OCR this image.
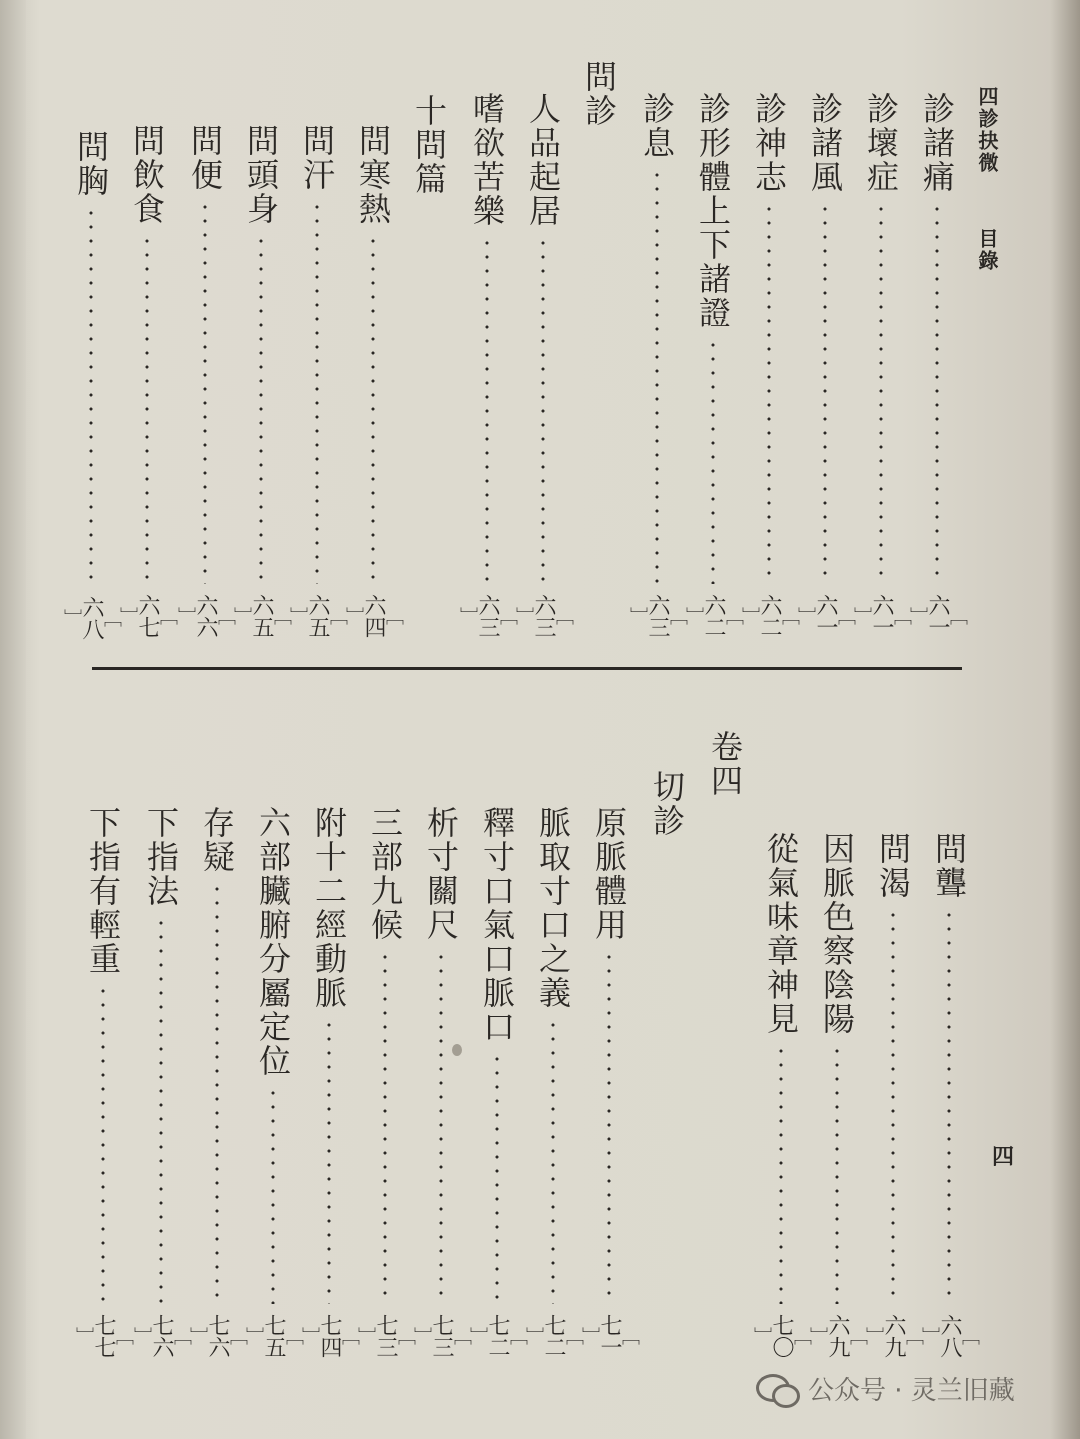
四診抉微
目錄
問診
十問篇	診諸痛
﹇
六一
﹈
診壞症
﹇
六一
﹈
診諸風
﹇
六一
﹈
診神志
﹇
六二
﹈
診形體上下諸證
﹇
六二
﹈
診息
﹇
六三
﹈
人品起居
﹇
六三
﹈
嗜欲苦樂
﹇
六三
﹈
問寒熱
﹇
六四
﹈
問汗
﹇
六五
﹈
問頭身
﹇
六五
﹈
問便
﹇
六六
﹈
問飲食
﹇
六七
﹈
問胸
﹇
六八
﹈
卷四
切診
問聾
﹇
六八
﹈
問渴
﹇
六九
﹈
因脈色察陰陽
﹇
六九
﹈
從氣味章神見
﹇
七〇
﹈
原脈體用
﹇
七一
﹈
脈取寸口之義
﹇
七二
﹈
釋寸口氣口脈口
﹇
七二
﹈
析寸關尺
﹇
七三
﹈
三部九候
﹇
七三
﹈
附十二經動脈
﹇
七四
﹈
六部臟腑分屬定位
﹇
七五
﹈
存疑
﹇
七六
﹈
下指法
﹇
七六
﹈
下指有輕重
﹇
七七
﹈
四
公众号 · 灵兰旧藏
